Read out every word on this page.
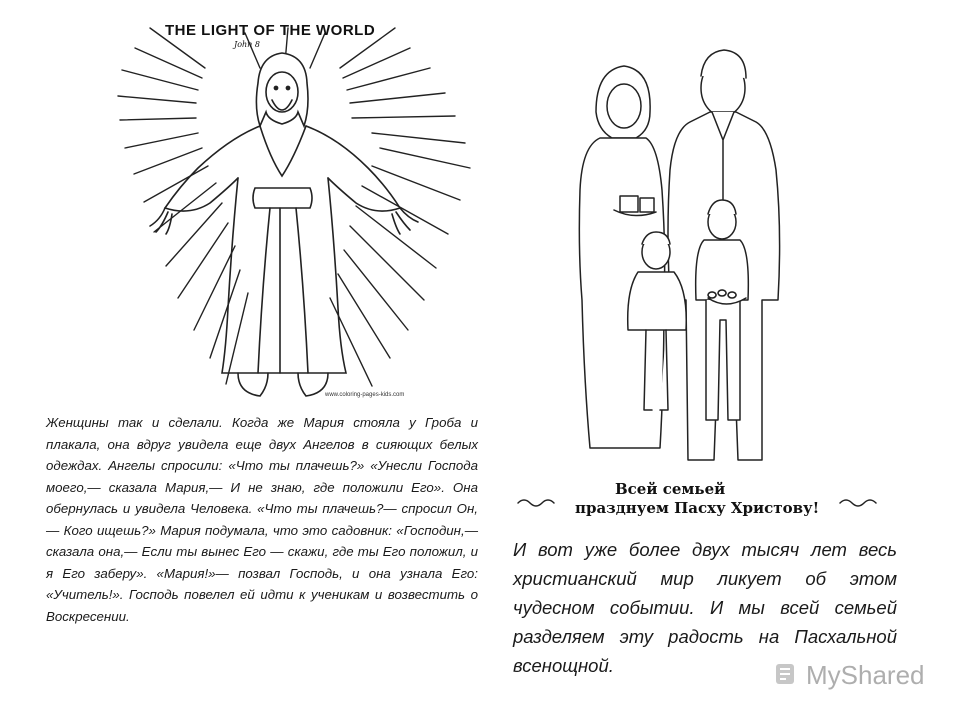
THE LIGHT OF THE WORLD
John 8
www.coloring-pages-kids.com
Женщины так и сделали. Когда же Мария стояла у Гроба и плакала, она вдруг увидела еще двух Ангелов в сияющих белых одеждах. Ангелы спросили: «Что ты плачешь?» «Унесли Господа моего,— сказала Мария,— И не знаю, где положили Его». Она обернулась и увидела Человека. «Что ты плачешь?— спросил Он,— Кого ищешь?» Мария подумала, что это садовник: «Господин,— сказала она,— Если ты вынес Его — скажи, где ты Его положил, и я Его заберу». «Мария!»— позвал Господь, и она узнала Его: «Учитель!». Господь повелел ей идти к ученикам и возвестить о Воскресении.
Всей семьей
празднуем Пасху Христову!
И вот уже более двух тысяч лет весь христианский мир ликует об этом чудесном событии. И мы всей семьей разделяем эту радость на Пасхальной всенощной.	MyShared
